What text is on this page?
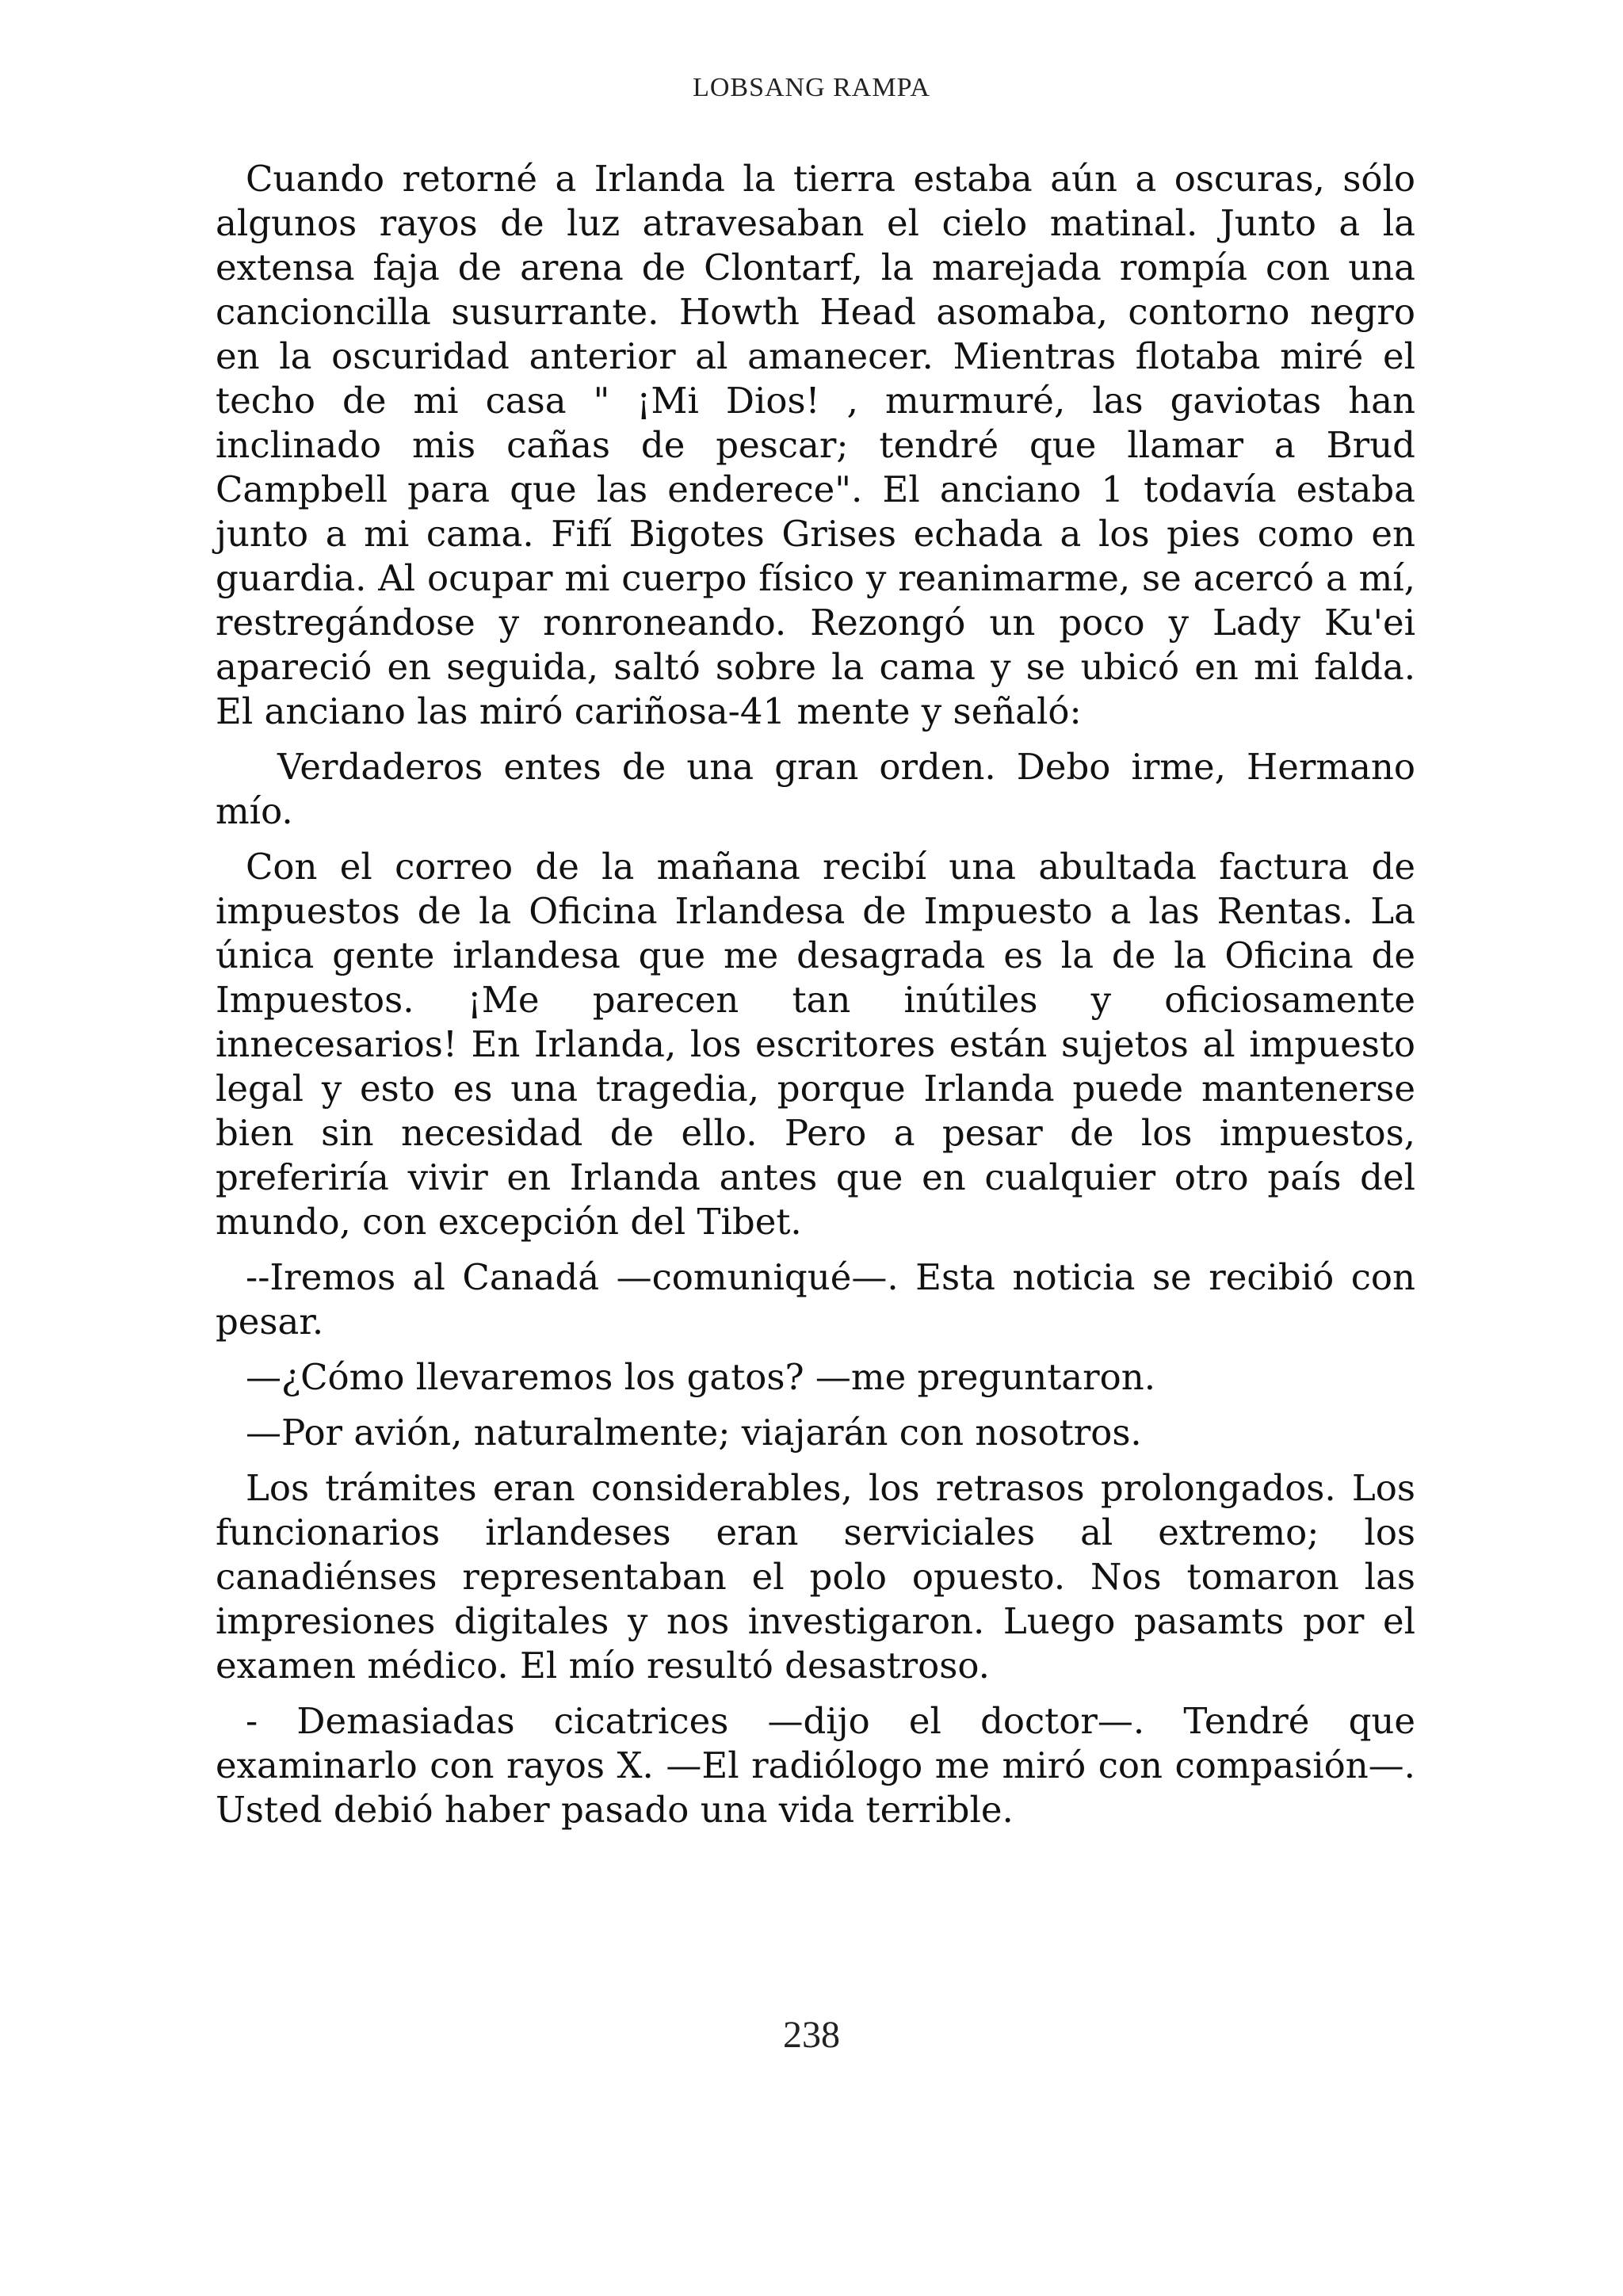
LOBSANG RAMPA

Cuando retorné a Irlanda la tierra estaba aún a oscuras, sólo algunos rayos de luz atravesaban el cielo matinal. Junto a la extensa faja de arena de Clontarf, la marejada rompía con una cancioncilla susurrante. Howth Head asomaba, contorno negro en la oscuridad anterior al amanecer. Mientras flotaba miré el techo de mi casa " ¡Mi Dios! , murmuré, las gaviotas han inclinado mis cañas de pescar; tendré que llamar a Brud Campbell para que las enderece". El anciano 1 todavía estaba junto a mi cama. Fifí Bigotes Grises echada a los pies como en guardia. Al ocupar mi cuerpo físico y reanimarme, se acercó a mí, restregándose y ronroneando. Rezongó un poco y Lady Ku'ei apareció en seguida, saltó sobre la cama y se ubicó en mi falda. El anciano las miró cariñosa-41 mente y señaló:

Verdaderos entes de una gran orden. Debo irme, Hermano mío.

Con el correo de la mañana recibí una abultada factura de impuestos de la Oficina Irlandesa de Impuesto a las Rentas. La única gente irlandesa que me desagrada es la de la Oficina de Impuestos. ¡Me parecen tan inútiles y oficiosamente innecesarios! En Irlanda, los escritores están sujetos al impuesto legal y esto es una tragedia, porque Irlanda puede mantenerse bien sin necesidad de ello. Pero a pesar de los impuestos, preferiría vivir en Irlanda antes que en cualquier otro país del mundo, con excepción del Tibet.

--Iremos al Canadá —comuniqué—. Esta noticia se recibió con pesar.

—¿Cómo llevaremos los gatos? —me preguntaron.

—Por avión, naturalmente; viajarán con nosotros.

Los trámites eran considerables, los retrasos prolongados. Los funcionarios irlandeses eran serviciales al extremo; los canadiénses representaban el polo opuesto. Nos tomaron las impresiones digitales y nos investigaron. Luego pasamts por el examen médico. El mío resultó desastroso.

- Demasiadas cicatrices —dijo el doctor—. Tendré que examinarlo con rayos X. —El radiólogo me miró con compasión—. Usted debió haber pasado una vida terrible.

238
